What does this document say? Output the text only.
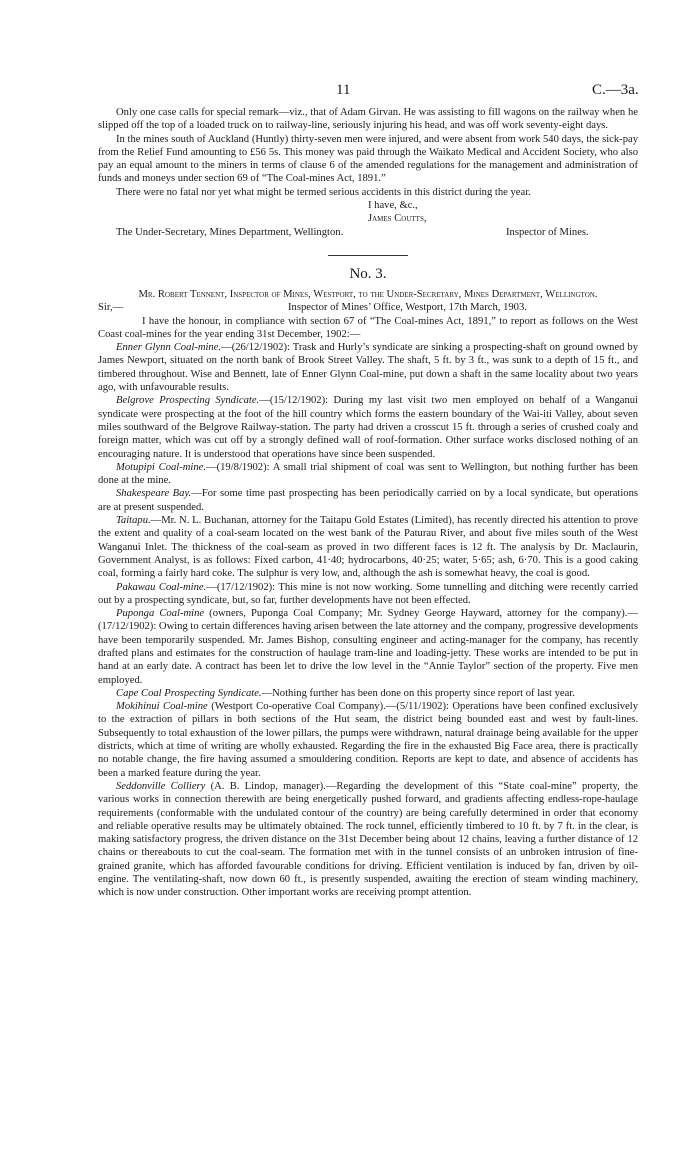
11	C.—3a.

Only one case calls for special remark—viz., that of Adam Girvan. He was assisting to fill wagons on the railway when he slipped off the top of a loaded truck on to railway-line, seriously injuring his head, and was off work seventy-eight days.

In the mines south of Auckland (Huntly) thirty-seven men were injured, and were absent from work 540 days, the sick-pay from the Relief Fund amounting to £56 5s. This money was paid through the Waikato Medical and Accident Society, who also pay an equal amount to the miners in terms of clause 6 of the amended regulations for the management and administration of funds and moneys under section 69 of “The Coal-mines Act, 1891.”

There were no fatal nor yet what might be termed serious accidents in this district during the year.

I have, &c.,
James Coutts,
The Under-Secretary, Mines Department, Wellington.	Inspector of Mines.
No. 3.

Mr. Robert Tennent, Inspector of Mines, Westport, to the Under-Secretary, Mines Department, Wellington.

Sir,—	Inspector of Mines’ Office, Westport, 17th March, 1903.

I have the honour, in compliance with section 67 of “The Coal-mines Act, 1891,” to report as follows on the West Coast coal-mines for the year ending 31st December, 1902:—

Enner Glynn Coal-mine.—(26/12/1902): Trask and Hurly’s syndicate are sinking a prospecting-shaft on ground owned by James Newport, situated on the north bank of Brook Street Valley. The shaft, 5 ft. by 3 ft., was sunk to a depth of 15 ft., and timbered throughout. Wise and Bennett, late of Enner Glynn Coal-mine, put down a shaft in the same locality about two years ago, with unfavourable results.

Belgrove Prospecting Syndicate.—(15/12/1902): During my last visit two men employed on behalf of a Wanganui syndicate were prospecting at the foot of the hill country which forms the eastern boundary of the Wai-iti Valley, about seven miles southward of the Belgrove Railway-station. The party had driven a crosscut 15 ft. through a series of crushed coaly and foreign matter, which was cut off by a strongly defined wall of roof-formation. Other surface works disclosed nothing of an encouraging nature. It is understood that operations have since been suspended.

Motupipi Coal-mine.—(19/8/1902): A small trial shipment of coal was sent to Wellington, but nothing further has been done at the mine.

Shakespeare Bay.—For some time past prospecting has been periodically carried on by a local syndicate, but operations are at present suspended.

Taitapu.—Mr. N. L. Buchanan, attorney for the Taitapu Gold Estates (Limited), has recently directed his attention to prove the extent and quality of a coal-seam located on the west bank of the Paturau River, and about five miles south of the West Wanganui Inlet. The thickness of the coal-seam as proved in two different faces is 12 ft. The analysis by Dr. Maclaurin, Government Analyst, is as follows: Fixed carbon, 41·40; hydrocarbons, 40·25; water, 5·65; ash, 6·70. This is a good caking coal, forming a fairly hard coke. The sulphur is very low, and, although the ash is somewhat heavy, the coal is good.

Pakawau Coal-mine.—(17/12/1902): This mine is not now working. Some tunnelling and ditching were recently carried out by a prospecting syndicate, but, so far, further developments have not been effected.

Puponga Coal-mine (owners, Puponga Coal Company; Mr. Sydney George Hayward, attorney for the company).—(17/12/1902): Owing to certain differences having arisen between the late attorney and the company, progressive developments have been temporarily suspended. Mr. James Bishop, consulting engineer and acting-manager for the company, has recently drafted plans and estimates for the construction of haulage tram-line and loading-jetty. These works are intended to be put in hand at an early date. A contract has been let to drive the low level in the “Annie Taylor” section of the property. Five men employed.

Cape Coal Prospecting Syndicate.—Nothing further has been done on this property since report of last year.

Mokihinui Coal-mine (Westport Co-operative Coal Company).—(5/11/1902): Operations have been confined exclusively to the extraction of pillars in both sections of the Hut seam, the district being bounded east and west by fault-lines. Subsequently to total exhaustion of the lower pillars, the pumps were withdrawn, natural drainage being available for the upper districts, which at time of writing are wholly exhausted. Regarding the fire in the exhausted Big Face area, there is practically no notable change, the fire having assumed a smouldering condition. Reports are kept to date, and absence of accidents has been a marked feature during the year.

Seddonville Colliery (A. B. Lindop, manager).—Regarding the development of this “State coal-mine” property, the various works in connection therewith are being energetically pushed forward, and gradients affecting endless-rope-haulage requirements (conformable with the undulated contour of the country) are being carefully determined in order that economy and reliable operative results may be ultimately obtained. The rock tunnel, efficiently timbered to 10 ft. by 7 ft. in the clear, is making satisfactory progress, the driven distance on the 31st December being about 12 chains, leaving a further distance of 12 chains or thereabouts to cut the coal-seam. The formation met with in the tunnel consists of an unbroken intrusion of fine-grained granite, which has afforded favourable conditions for driving. Efficient ventilation is induced by fan, driven by oil-engine. The ventilating-shaft, now down 60 ft., is presently suspended, awaiting the erection of steam winding machinery, which is now under construction. Other important works are receiving prompt attention.
